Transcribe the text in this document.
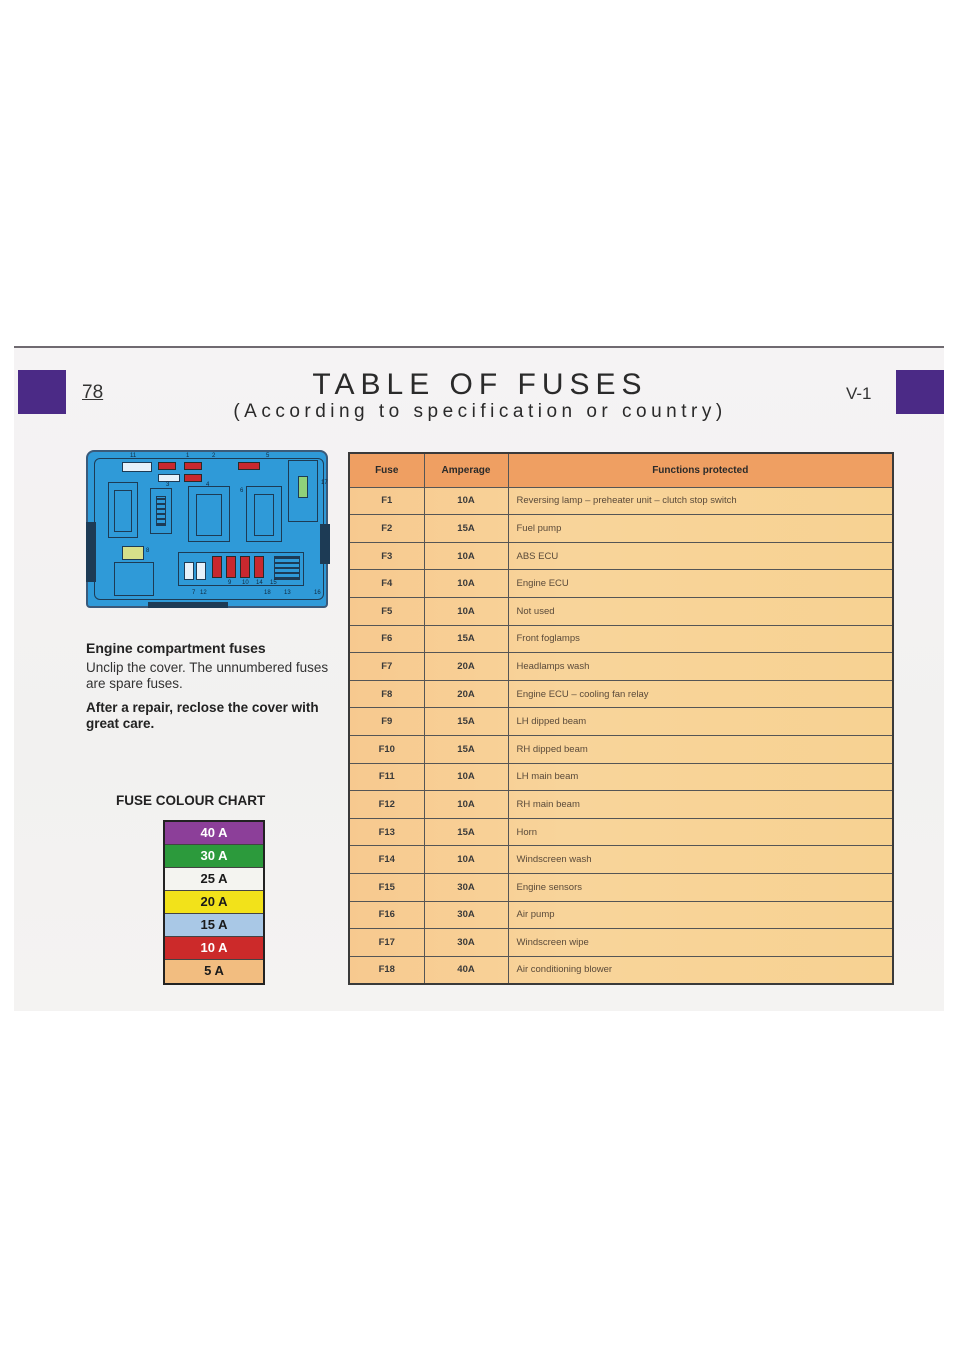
78	TABLE OF FUSES
(According to specification or country)
V-1
11	1	2
3	4
5
17
6
8
9 10 14 15
7 12	18 13	16
Engine compartment fuses
Unclip the cover. The unnumbered fuses are spare fuses.
After a repair, reclose the cover with great care.
FUSE COLOUR CHART
40 A
30 A
25 A
20 A
15 A
10 A
5 A
Fuse	Amperage	Functions protected
F1	10A	Reversing lamp – preheater unit – clutch stop switch
F2	15A	Fuel pump
F3	10A	ABS ECU
F4	10A	Engine ECU
F5	10A	Not used
F6	15A	Front foglamps
F7	20A	Headlamps wash
F8	20A	Engine ECU – cooling fan relay
F9	15A	LH dipped beam
F10	15A	RH dipped beam
F11	10A	LH main beam
F12	10A	RH main beam
F13	15A	Horn
F14	10A	Windscreen wash
F15	30A	Engine sensors
F16	30A	Air pump
F17	30A	Windscreen wipe
F18	40A	Air conditioning blower
